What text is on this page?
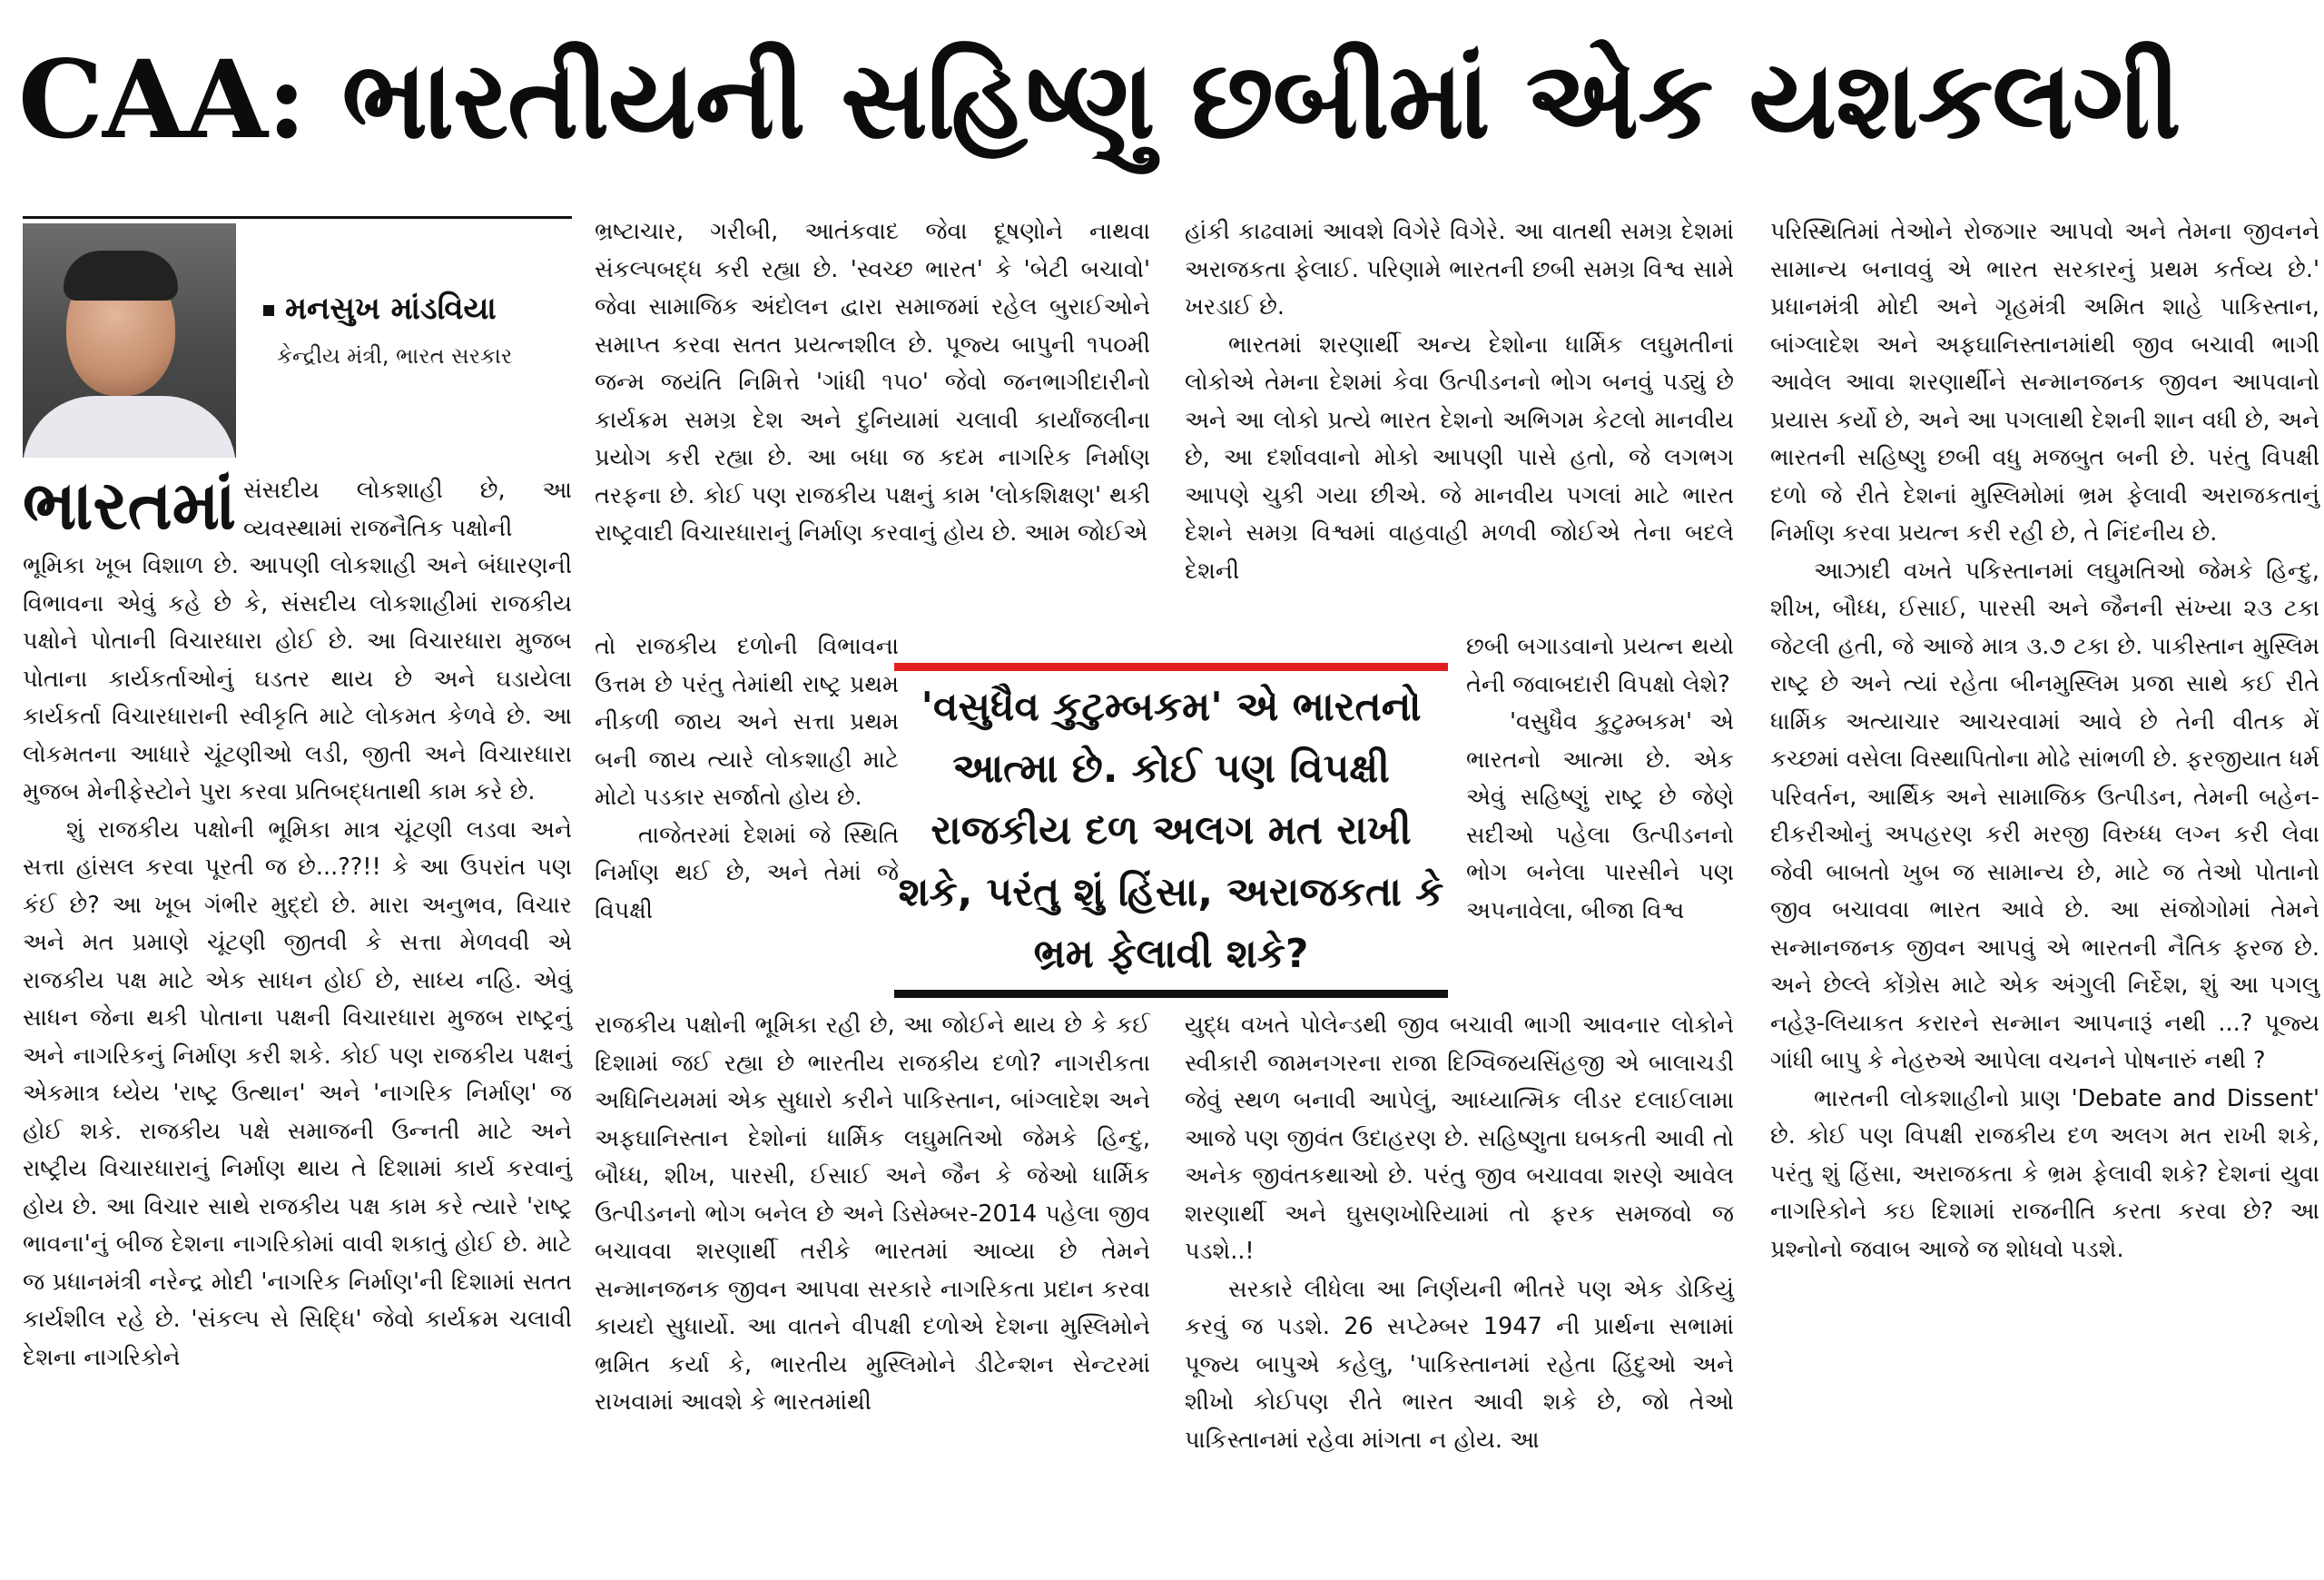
CAA: ભારતીયની સહિષ્ણુ છબીમાં એક યશકલગી
મનસુખ માંડવિયા
કેન્દ્રીય મંત્રી, ભારત સરકાર
ભારતમાં સંસદીય લોકશાહી છે, આ વ્યવસ્થામાં રાજનૈતિક પક્ષોની

ભૂમિકા ખૂબ વિશાળ છે. આપણી લોકશાહી અને બંધારણની વિભાવના એવું કહે છે કે, સંસદીય લોકશાહીમાં રાજકીય પક્ષોને પોતાની વિચારધારા હોઈ છે. આ વિચારધારા મુજબ પોતાના કાર્યકર્તાઓનું ઘડતર થાય છે અને ઘડાયેલા કાર્યકર્તા વિચારધારાની સ્વીકૃતિ માટે લોકમત કેળવે છે. આ લોકમતના આધારે ચૂંટણીઓ લડી, જીતી અને વિચારધારા મુજબ મેનીફેસ્ટોને પુરા કરવા પ્રતિબદ્ધતાથી કામ કરે છે.

શું રાજકીય પક્ષોની ભૂમિકા માત્ર ચૂંટણી લડવા અને સત્તા હાંસલ કરવા પૂરતી જ છે...??!! કે આ ઉપરાંત પણ કંઈ છે? આ ખૂબ ગંભીર મુદ્દો છે. મારા અનુભવ, વિચાર અને મત પ્રમાણે ચૂંટણી જીતવી કે સત્તા મેળવવી એ રાજકીય પક્ષ માટે એક સાધન હોઈ છે, સાધ્ય નહિ. એવું સાધન જેના થકી પોતાના પક્ષની વિચારધારા મુજબ રાષ્ટ્રનું અને નાગરિકનું નિર્માણ કરી શકે. કોઈ પણ રાજકીય પક્ષનું એકમાત્ર ધ્યેય 'રાષ્ટ્ર ઉત્થાન' અને 'નાગરિક નિર્માણ' જ હોઈ શકે. રાજકીય પક્ષે સમાજની ઉન્નતી માટે અને રાષ્ટ્રીય વિચારધારાનું નિર્માણ થાય તે દિશામાં કાર્ય કરવાનું હોય છે. આ વિચાર સાથે રાજકીય પક્ષ કામ કરે ત્યારે 'રાષ્ટ્ર ભાવના'નું બીજ દેશના નાગરિકોમાં વાવી શકાતું હોઈ છે. માટે જ પ્રધાનમંત્રી નરેન્દ્ર મોદી 'નાગરિક નિર્માણ'ની દિશામાં સતત કાર્યશીલ રહે છે. 'સંકલ્પ સે સિદ્ધિ' જેવો કાર્યક્રમ ચલાવી દેશના નાગરિકોને

ભ્રષ્ટાચાર, ગરીબી, આતંકવાદ જેવા દૂષણોને નાથવા સંકલ્પબદ્ધ કરી રહ્યા છે. 'સ્વચ્છ ભારત' કે 'બેટી બચાવો' જેવા સામાજિક અંદોલન દ્વારા સમાજમાં રહેલ બુરાઈઓને સમાપ્ત કરવા સતત પ્રયત્નશીલ છે. પૂજ્ય બાપુની ૧૫૦મી જન્મ જયંતિ નિમિત્તે 'ગાંધી ૧૫૦' જેવો જનભાગીદારીનો કાર્યક્રમ સમગ્ર દેશ અને દુનિયામાં ચલાવી કાર્યાંજલીના પ્રયોગ કરી રહ્યા છે. આ બધા જ કદમ નાગરિક નિર્માણ તરફના છે. કોઈ પણ રાજકીય પક્ષનું કામ 'લોકશિક્ષણ' થકી રાષ્ટ્રવાદી વિચારધારાનું નિર્માણ કરવાનું હોય છે. આમ જોઈએ

તો રાજકીય દળોની વિભાવના ઉત્તમ છે પરંતુ તેમાંથી રાષ્ટ્ર પ્રથમ નીકળી જાય અને સત્તા પ્રથમ બની જાય ત્યારે લોકશાહી માટે મોટો પડકાર સર્જાતો હોય છે.

તાજેતરમાં દેશમાં જે સ્થિતિ નિર્માણ થઈ છે, અને તેમાં જે વિપક્ષી

રાજકીય પક્ષોની ભૂમિકા રહી છે, આ જોઈને થાય છે કે કઈ દિશામાં જઈ રહ્યા છે ભારતીય રાજકીય દળો? નાગરીકતા અધિનિયમમાં એક સુધારો કરીને પાકિસ્તાન, બાંગ્લાદેશ અને અફઘાનિસ્તાન દેશોનાં ધાર્મિક લઘુમતિઓ જેમકે હિન્દુ, બૌધ્ધ, શીખ, પારસી, ઈસાઈ અને જૈન કે જેઓ ધાર્મિક ઉત્પીડનનો ભોગ બનેલ છે અને ડિસેમ્બર-2014 પહેલા જીવ બચાવવા શરણાર્થી તરીકે ભારતમાં આવ્યા છે તેમને સન્માનજનક જીવન આપવા સરકારે નાગરિકતા પ્રદાન કરવા કાયદો સુધાર્યો. આ વાતને વીપક્ષી દળોએ દેશના મુસ્લિમોને ભ્રમિત કર્યા કે, ભારતીય મુસ્લિમોને ડીટેન્શન સેન્ટરમાં રાખવામાં આવશે કે ભારતમાંથી

'વસુધૈવ કુટુમ્બકમ' એ ભારતનો આત્મા છે. કોઈ પણ વિપક્ષી રાજકીય દળ અલગ મત રાખી શકે, પરંતુ શું હિંસા, અરાજકતા કે ભ્રમ ફેલાવી શકે?

હાંકી કાઢવામાં આવશે વિગેરે વિગેરે. આ વાતથી સમગ્ર દેશમાં અરાજકતા ફેલાઈ. પરિણામે ભારતની છબી સમગ્ર વિશ્વ સામે ખરડાઈ છે.

ભારતમાં શરણાર્થી અન્ય દેશોના ધાર્મિક લઘુમતીનાં લોકોએ તેમના દેશમાં કેવા ઉત્પીડનનો ભોગ બનવું પડ્યું છે અને આ લોકો પ્રત્યે ભારત દેશનો અભિગમ કેટલો માનવીય છે, આ દર્શાવવાનો મોકો આપણી પાસે હતો, જે લગભગ આપણે ચુકી ગયા છીએ. જે માનવીય પગલાં માટે ભારત દેશને સમગ્ર વિશ્વમાં વાહવાહી મળવી જોઈએ તેના બદલે દેશની

છબી બગાડવાનો પ્રયત્ન થયો તેની જવાબદારી વિપક્ષો લેશે?

'વસુધૈવ કુટુમ્બકમ' એ ભારતનો આત્મા છે. એક એવું સહિષ્ણું રાષ્ટ્ર છે જેણે સદીઓ પહેલા ઉત્પીડનનો ભોગ બનેલા પારસીને પણ અપનાવેલા, બીજા વિશ્વ

યુદ્ધ વખતે પોલેન્ડથી જીવ બચાવી ભાગી આવનાર લોકોને સ્વીકારી જામનગરના રાજા દિગ્વિજયસિંહજી એ બાલાચડી જેવું સ્થળ બનાવી આપેલું, આધ્યાત્મિક લીડર દલાઈલામા આજે પણ જીવંત ઉદાહરણ છે. સહિષ્ણુતા ઘબકતી આવી તો અનેક જીવંતકથાઓ છે. પરંતુ જીવ બચાવવા શરણે આવેલ શરણાર્થી અને ઘુસણખોરિયામાં તો ફરક સમજવો જ પડશે..!

સરકારે લીધેલા આ નિર્ણયની ભીતરે પણ એક ડોકિયું કરવું જ પડશે. 26 સપ્ટેમ્બર 1947 ની પ્રાર્થના સભામાં પૂજ્ય બાપુએ કહેલુ, 'પાકિસ્તાનમાં રહેતા હિંદુઓ અને શીખો કોઈપણ રીતે ભારત આવી શકે છે, જો તેઓ પાકિસ્તાનમાં રહેવા માંગતા ન હોય. આ

પરિસ્થિતિમાં તેઓને રોજગાર આપવો અને તેમના જીવનને સામાન્ય બનાવવું એ ભારત સરકારનું પ્રથમ કર્તવ્ય છે.' પ્રધાનમંત્રી મોદી અને ગૃહમંત્રી અમિત શાહે પાકિસ્તાન, બાંગ્લાદેશ અને અફઘાનિસ્તાનમાંથી જીવ બચાવી ભાગી આવેલ આવા શરણાર્થીને સન્માનજનક જીવન આપવાનો પ્રયાસ કર્યો છે, અને આ પગલાથી દેશની શાન વધી છે, અને ભારતની સહિષ્ણુ છબી વધુ મજબુત બની છે. પરંતુ વિપક્ષી દળો જે રીતે દેશનાં મુસ્લિમોમાં ભ્રમ ફેલાવી અરાજકતાનું નિર્માણ કરવા પ્રયત્ન કરી રહી છે, તે નિંદનીય છે.

આઝાદી વખતે પકિસ્તાનમાં લઘુમતિઓ જેમકે હિન્દુ, શીખ, બૌધ્ધ, ઈસાઈ, પારસી અને જૈનની સંખ્યા ૨૩ ટકા જેટલી હતી, જે આજે માત્ર ૩.૭ ટકા છે. પાકીસ્તાન મુસ્લિમ રાષ્ટ્ર છે અને ત્યાં રહેતા બીનમુસ્લિમ પ્રજા સાથે કઈ રીતે ધાર્મિક અત્યાચાર આચરવામાં આવે છે તેની વીતક મેં કચ્છમાં વસેલા વિસ્થાપિતોના મોઢે સાંભળી છે. ફરજીયાત ધર્મ પરિવર્તન, આર્થિક અને સામાજિક ઉત્પીડન, તેમની બહેન-દીકરીઓનું અપહરણ કરી મરજી વિરુધ્ધ લગ્ન કરી લેવા જેવી બાબતો ખુબ જ સામાન્ય છે, માટે જ તેઓ પોતાનો જીવ બચાવવા ભારત આવે છે. આ સંજોગોમાં તેમને સન્માનજનક જીવન આપવું એ ભારતની નૈતિક ફરજ છે. અને છેલ્લે કોંગ્રેસ માટે એક અંગુલી નિર્દેશ, શું આ પગલુ નહેરૂ-લિયાકત કરારને સન્માન આપનારૂં નથી ...? પૂજ્ય ગાંધી બાપુ કે નેહરુએ આપેલા વચનને પોષનારું નથી ?

ભારતની લોકશાહીનો પ્રાણ 'Debate and Dissent' છે. કોઈ પણ વિપક્ષી રાજકીય દળ અલગ મત રાખી શકે, પરંતુ શું હિંસા, અરાજકતા કે ભ્રમ ફેલાવી શકે? દેશનાં યુવા નાગરિકોને કઇ દિશામાં રાજનીતિ કરતા કરવા છે? આ પ્રશ્નોનો જવાબ આજે જ શોધવો પડશે.
